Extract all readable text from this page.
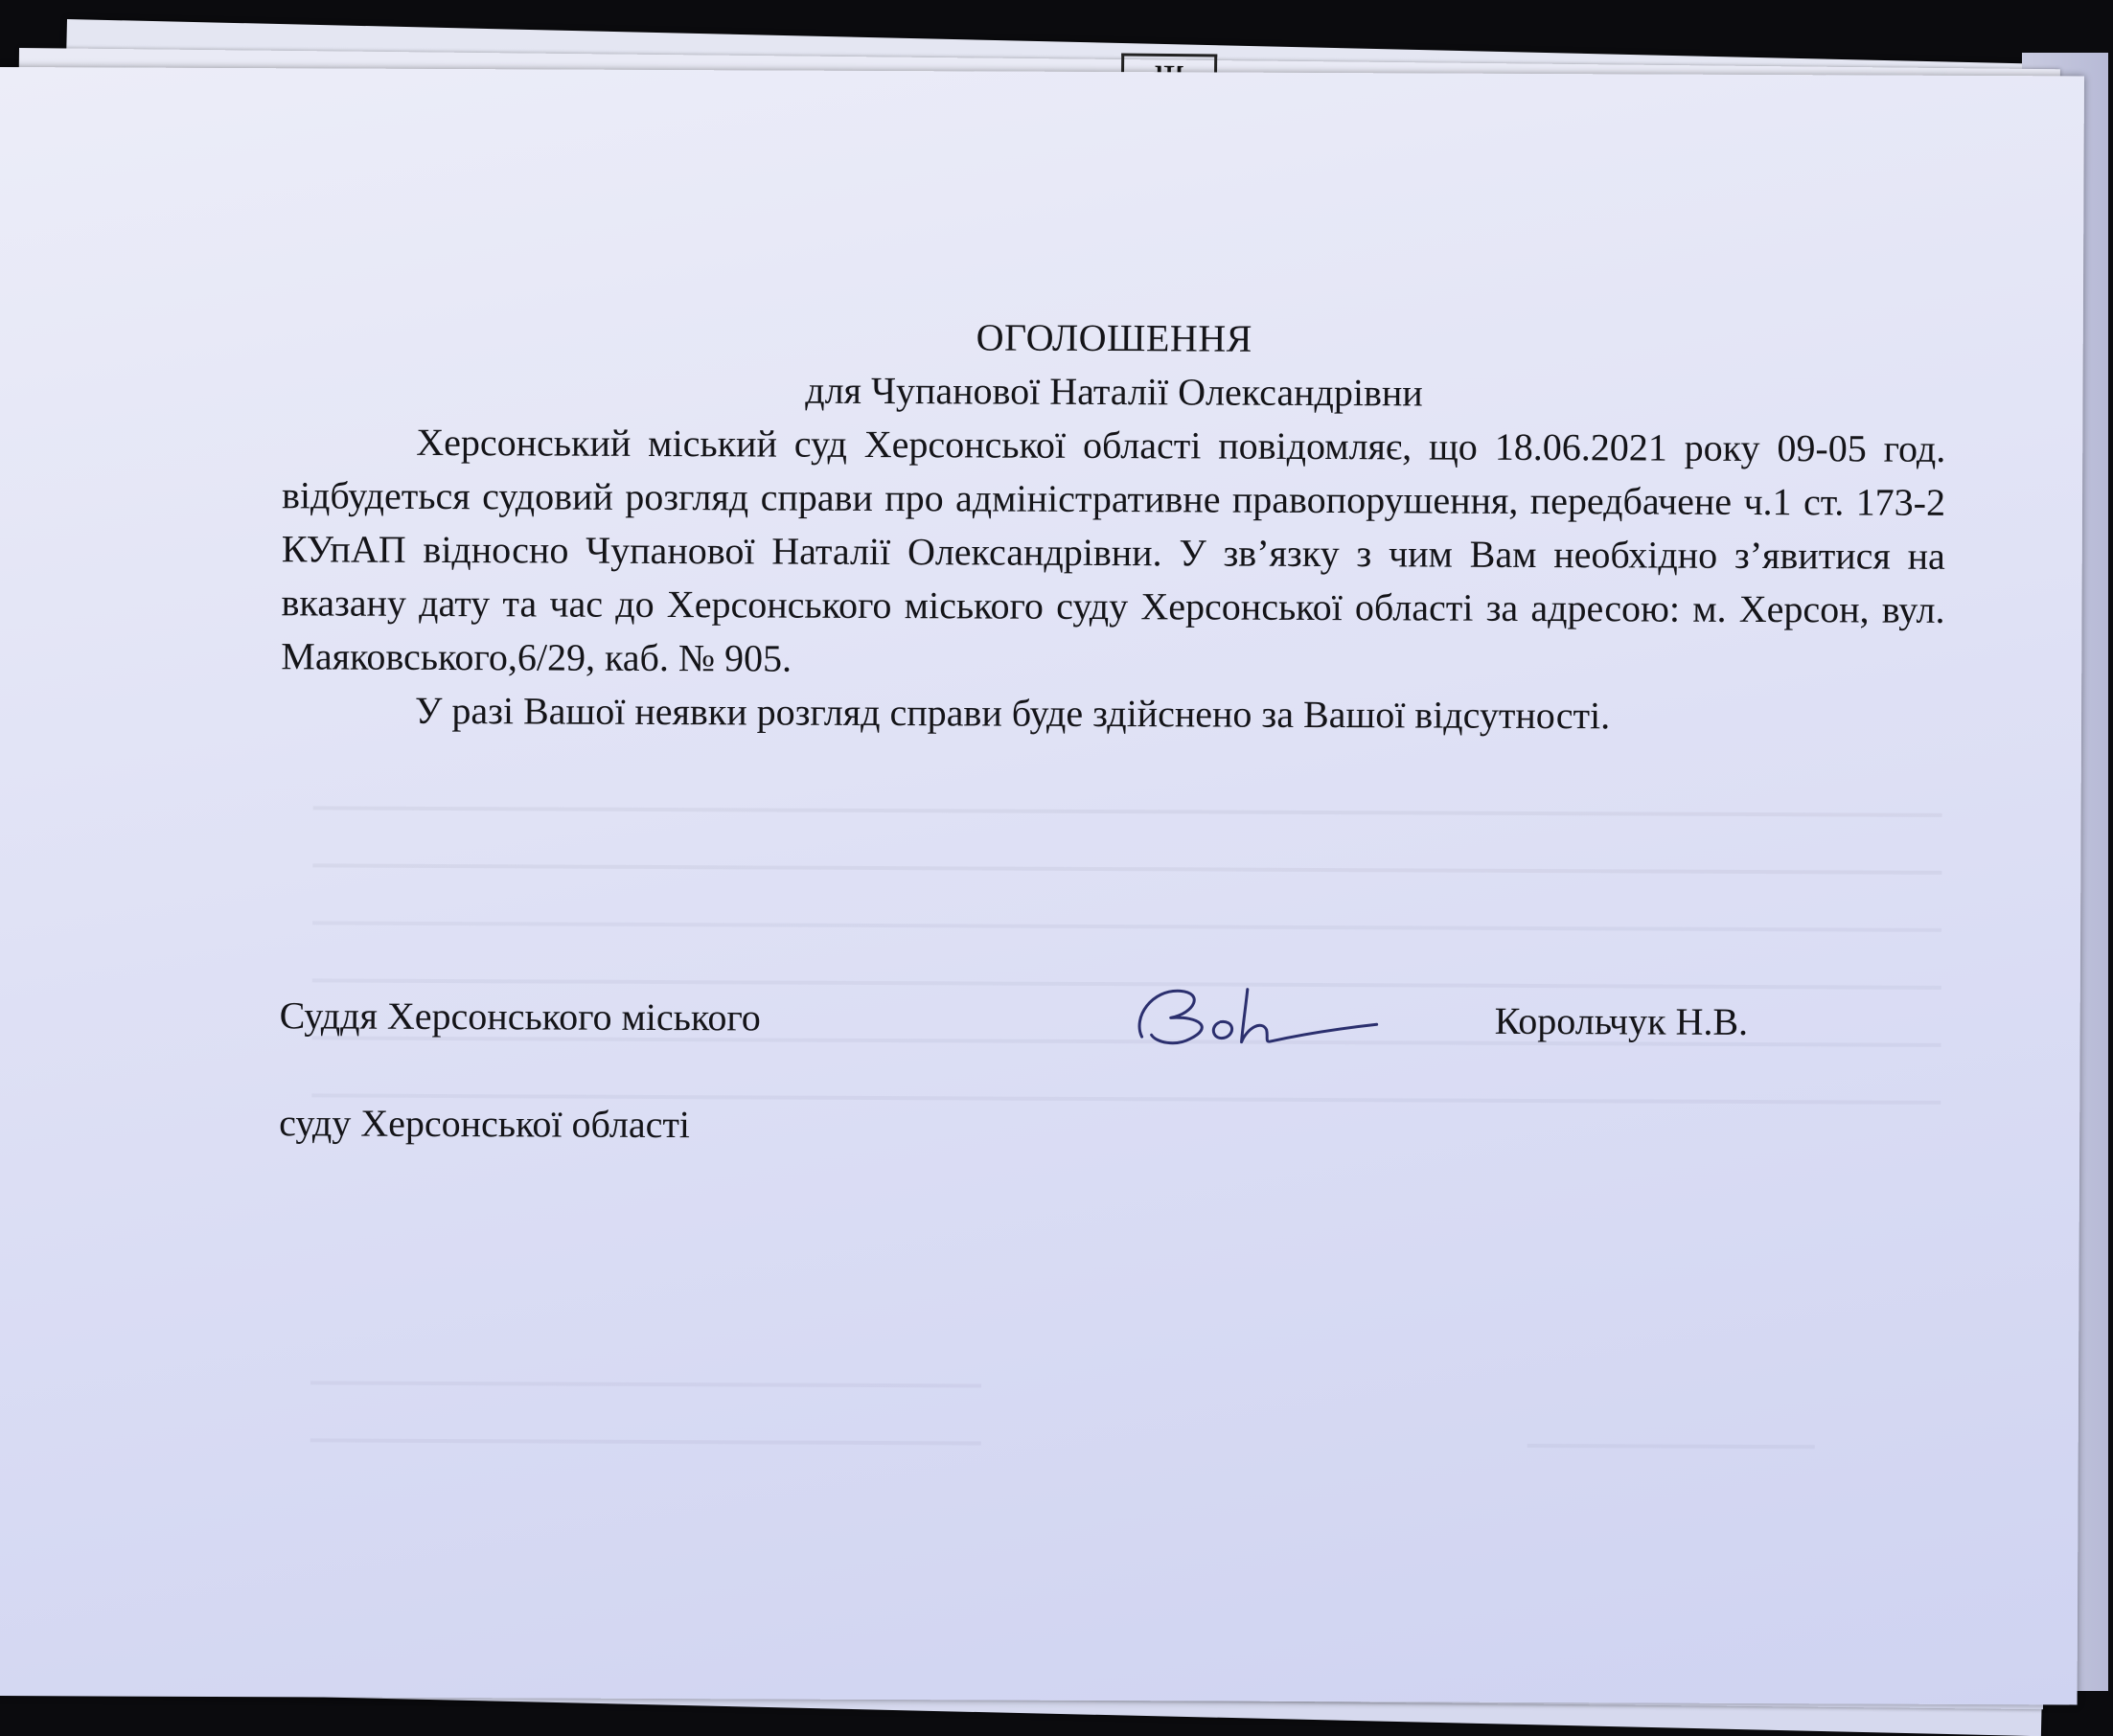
ОГОЛОШЕННЯ

для Чупанової Наталії Олександрівни

Херсонський міський суд Херсонської області повідомляє, що 18.06.2021 року 09-05 год. відбудеться судовий розгляд справи про адміністративне правопорушення, передбачене ч.1 ст. 173-2 КУпАП відносно Чупанової Наталії Олександрівни. У зв’язку з чим Вам необхідно з’явитися на вказану дату та час до Херсонського міського суду Херсонської області за адресою: м. Херсон, вул. Маяковського,6/29, каб. № 905.

У разі Вашої неявки розгляд справи буде здійснено за Вашої відсутності.

Суддя Херсонського міського

суду Херсонської області

Корольчук Н.В.
